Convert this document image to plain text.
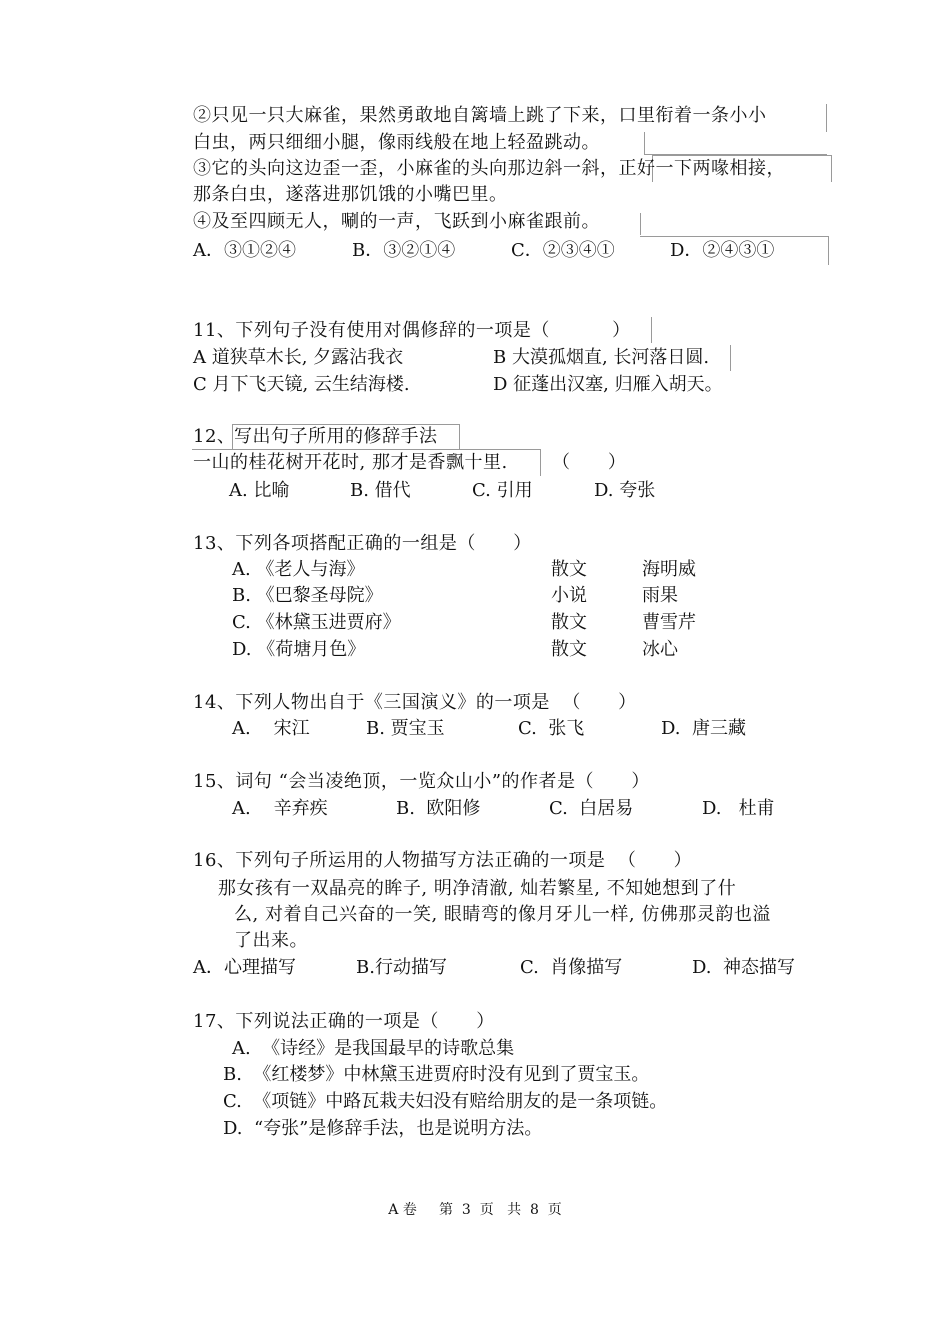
②只见一只大麻雀，果然勇敢地自篱墙上跳了下来，口里衔着一条小小
白虫，两只细细小腿，像雨线般在地上轻盈跳动。
③它的头向这边歪一歪，小麻雀的头向那边斜一斜，正好一下两喙相接，
那条白虫，遂落进那饥饿的小嘴巴里。
④及至四顾无人，唰的一声，飞跃到小麻雀跟前。
A．③①②④	B．③②①④	C．②③④①	D．②④③①
11、下列句子没有使用对偶修辞的一项是（          ）
A 道狭草木长, 夕露沾我衣	B 大漠孤烟直, 长河落日圆.
C 月下飞天镜, 云生结海楼.	D 征蓬出汉塞, 归雁入胡天。
12、
写出句子所用的修辞手法
一山的桂花树开花时, 那才是香飘十里. （      ）
A. 比喻	B. 借代	C. 引用	D. 夸张
13、下列各项搭配正确的一组是（      ）
A. 《老人与海》	散文	海明威
B. 《巴黎圣母院》	小说	雨果
C. 《林黛玉进贾府》	散文	曹雪芹
D. 《荷塘月色》	散文	冰心
14、下列人物出自于《三国演义》的一项是  （      ）
A.    宋江	B. 贾宝玉	C.  张飞	D.  唐三藏
15、词句 “会当凌绝顶，一览众山小”的作者是（      ）
A.    辛弃疾	B.  欧阳修	C.  白居易	D.   杜甫
16、下列句子所运用的人物描写方法正确的一项是  （      ）
那女孩有一双晶亮的眸子, 明净清澈, 灿若繁星, 不知她想到了什
么, 对着自己兴奋的一笑, 眼睛弯的像月牙儿一样, 仿佛那灵韵也溢
了出来。
A．心理描写	B.行动描写	C.  肖像描写	D.  神态描写
17、下列说法正确的一项是（      ）
A.  《诗经》是我国最早的诗歌总集
B.  《红楼梦》中林黛玉进贾府时没有见到了贾宝玉。
C.  《项链》中路瓦栽夫妇没有赔给朋友的是一条项链。
D.  “夸张”是修辞手法，也是说明方法。
A 卷     第  3  页   共  8  页
